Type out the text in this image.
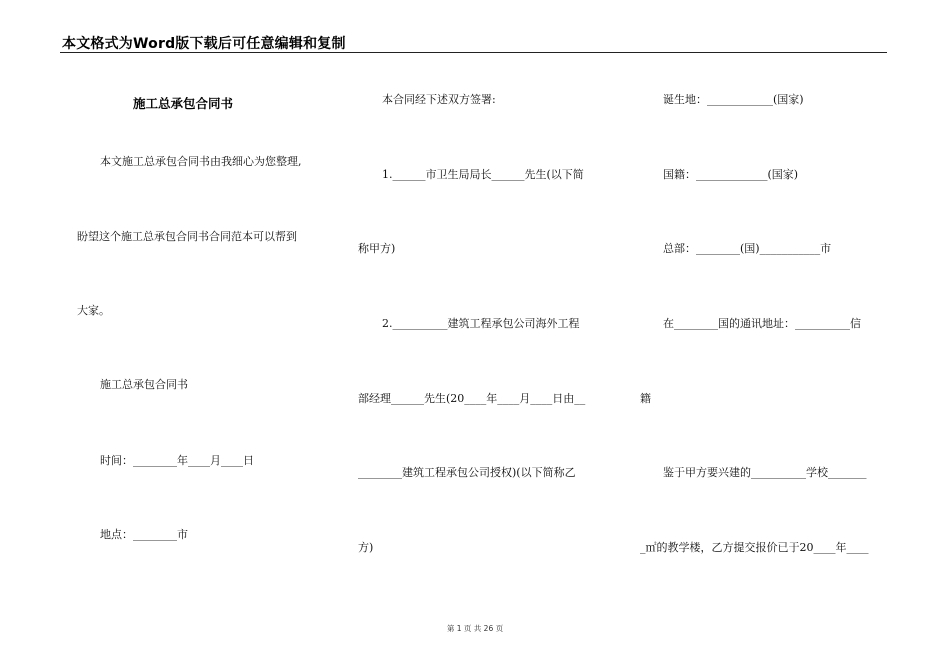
本文格式为Word版下载后可任意编辑和复制
施工总承包合同书
本文施工总承包合同书由我细心为您整理,
盼望这个施工总承包合同书合同范本可以帮到
大家。
施工总承包合同书
时间：________年____月____日
地点：________市
本合同经下述双方签署:
1.______市卫生局局长______先生(以下简
称甲方)
2.__________建筑工程承包公司海外工程
部经理______先生(20____年____月____日由__
________建筑工程承包公司授权)(以下简称乙
方)
诞生地：____________(国家)
国籍：_____________(国家)
总部：________(国)___________市
在________国的通讯地址：__________信
籍
鉴于甲方要兴建的__________学校_______
_㎡的教学楼，乙方提交报价已于20____年____
第 1 页 共 26 页
